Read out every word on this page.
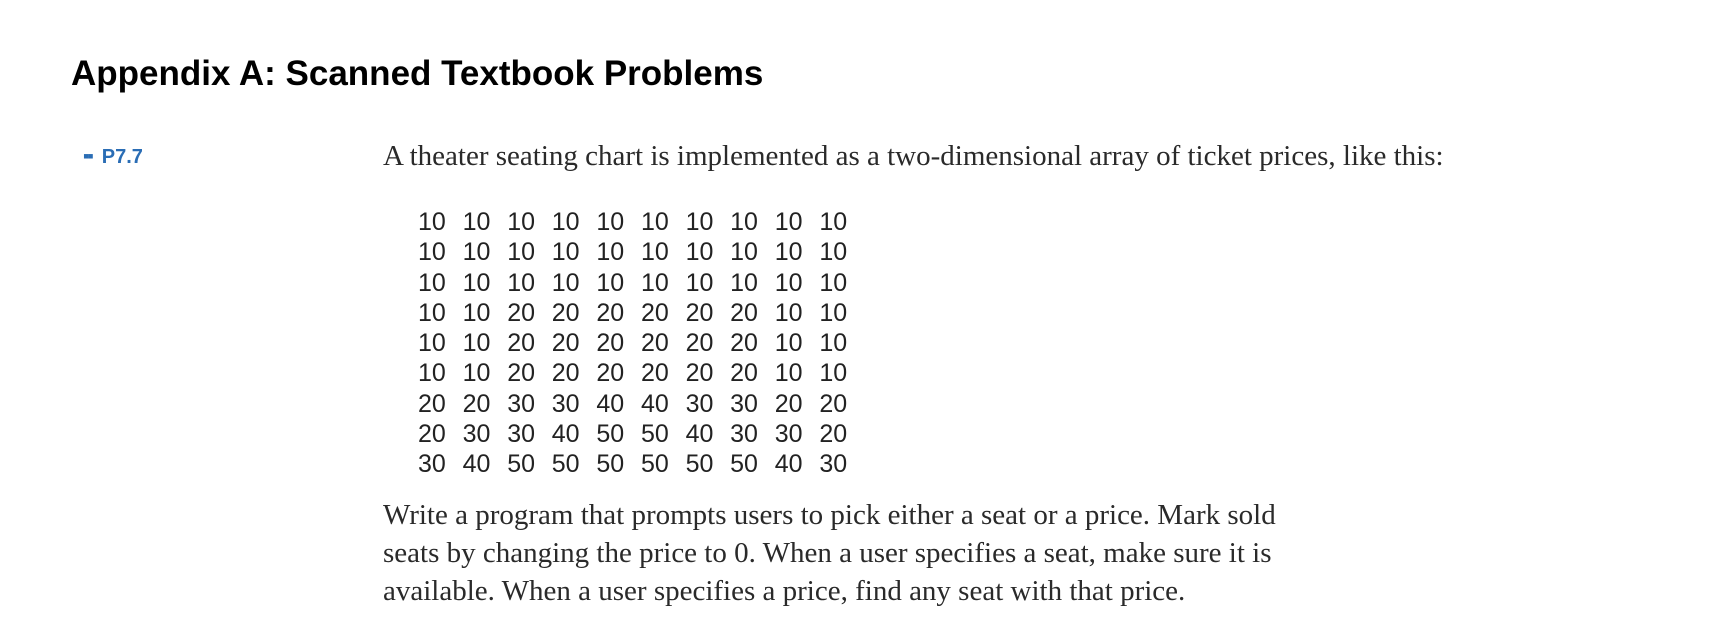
Appendix A: Scanned Textbook Problems
▪▪ P7.7	A theater seating chart is implemented as a two-dimensional array of ticket prices, like this:
10 10 10 10 10 10 10 10 10 10
10 10 10 10 10 10 10 10 10 10
10 10 10 10 10 10 10 10 10 10
10 10 20 20 20 20 20 20 10 10
10 10 20 20 20 20 20 20 10 10
10 10 20 20 20 20 20 20 10 10
20 20 30 30 40 40 30 30 20 20
20 30 30 40 50 50 40 30 30 20
30 40 50 50 50 50 50 50 40 30
Write a program that prompts users to pick either a seat or a price. Mark sold
seats by changing the price to 0. When a user specifies a seat, make sure it is
available. When a user specifies a price, find any seat with that price.
